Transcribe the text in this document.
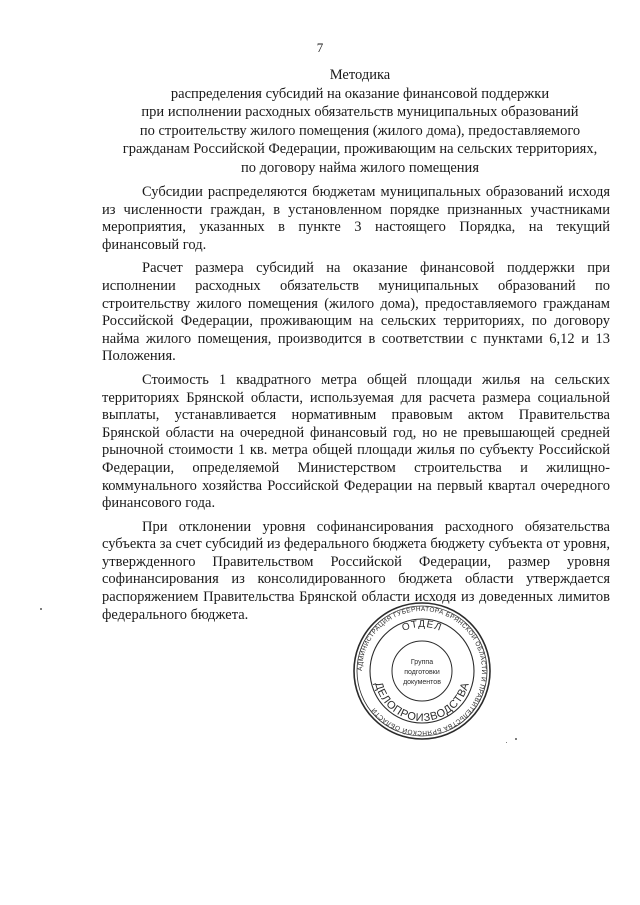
7
Методика
распределения субсидий на оказание финансовой поддержки
при исполнении расходных обязательств муниципальных образований
по строительству жилого помещения (жилого дома), предоставляемого
гражданам Российской Федерации, проживающим на сельских территориях,
по договору найма жилого помещения

Субсидии распределяются бюджетам муниципальных образований исходя из численности граждан, в установленном порядке признанных участниками мероприятия, указанных в пункте 3 настоящего Порядка, на текущий финансовый год.

Расчет размера субсидий на оказание финансовой поддержки при исполнении расходных обязательств муниципальных образований по строительству жилого помещения (жилого дома), предоставляемого гражданам Российской Федерации, проживающим на сельских территориях, по договору найма жилого помещения, производится в соответствии с пунктами 6,12 и 13 Положения.

Стоимость 1 квадратного метра общей площади жилья на сельских территориях Брянской области, используемая для расчета размера социальной выплаты, устанавливается нормативным правовым актом Правительства Брянской области на очередной финансовый год, но не превышающей средней рыночной стоимости 1 кв. метра общей площади жилья по субъекту Российской Федерации, определяемой Министерством строительства и жилищно-коммунального хозяйства Российской Федерации на первый квартал очередного финансового года.

При отклонении уровня софинансирования расходного обязательства субъекта за счет субсидий из федерального бюджета бюджету субъекта от уровня, утвержденного Правительством Российской Федерации, размер уровня софинансирования из консолидированного бюджета области утверждается распоряжением Правительства Брянской области исходя из доведенных лимитов федерального бюджета.

АДМИНИСТРАЦИЯ ГУБЕРНАТОРА БРЯНСКОЙ ОБЛАСТИ И ПРАВИТЕЛЬСТВА БРЯНСКОЙ ОБЛАСТИ
ОТДЕЛ
ДЕЛОПРОИЗВОДСТВА
Группа
подготовки
документов
